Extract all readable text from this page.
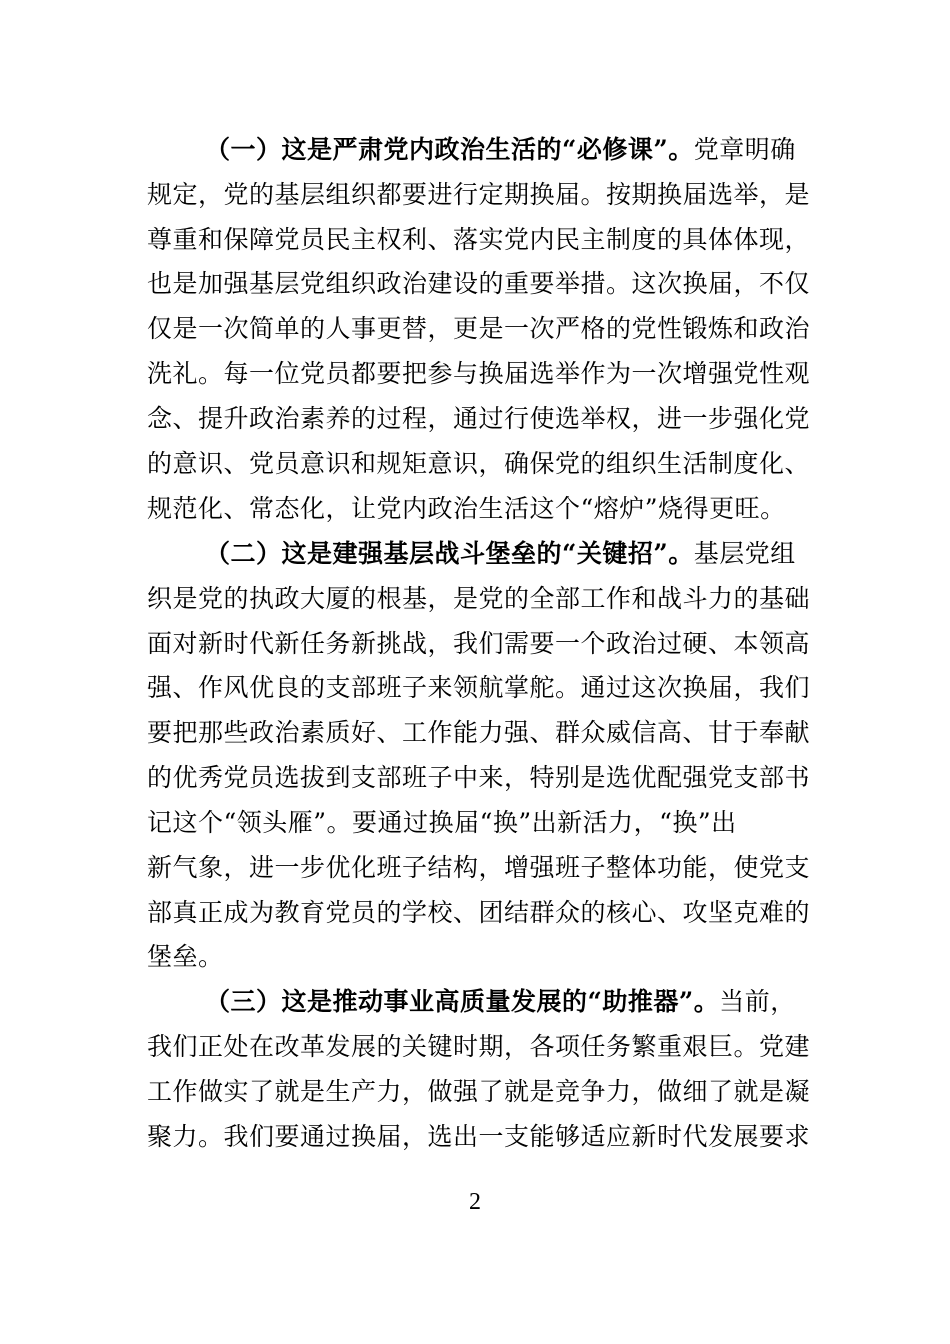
（一）这是严肃党内政治生活的“必修课”。党章明确
规定，党的基层组织都要进行定期换届。按期换届选举，是
尊重和保障党员民主权利、落实党内民主制度的具体体现，
也是加强基层党组织政治建设的重要举措。这次换届，不仅
仅是一次简单的人事更替，更是一次严格的党性锻炼和政治
洗礼。每一位党员都要把参与换届选举作为一次增强党性观
念、提升政治素养的过程，通过行使选举权，进一步强化党
的意识、党员意识和规矩意识，确保党的组织生活制度化、
规范化、常态化，让党内政治生活这个“熔炉”烧得更旺。
（二）这是建强基层战斗堡垒的“关键招”。基层党组
织是党的执政大厦的根基，是党的全部工作和战斗力的基础
面对新时代新任务新挑战，我们需要一个政治过硬、本领高
强、作风优良的支部班子来领航掌舵。通过这次换届，我们
要把那些政治素质好、工作能力强、群众威信高、甘于奉献
的优秀党员选拔到支部班子中来，特别是选优配强党支部书
记这个“领头雁”。要通过换届“换”出新活力，“换”出
新气象，进一步优化班子结构，增强班子整体功能，使党支
部真正成为教育党员的学校、团结群众的核心、攻坚克难的
堡垒。
（三）这是推动事业高质量发展的“助推器”。当前，
我们正处在改革发展的关键时期，各项任务繁重艰巨。党建
工作做实了就是生产力，做强了就是竞争力，做细了就是凝
聚力。我们要通过换届，选出一支能够适应新时代发展要求
2
